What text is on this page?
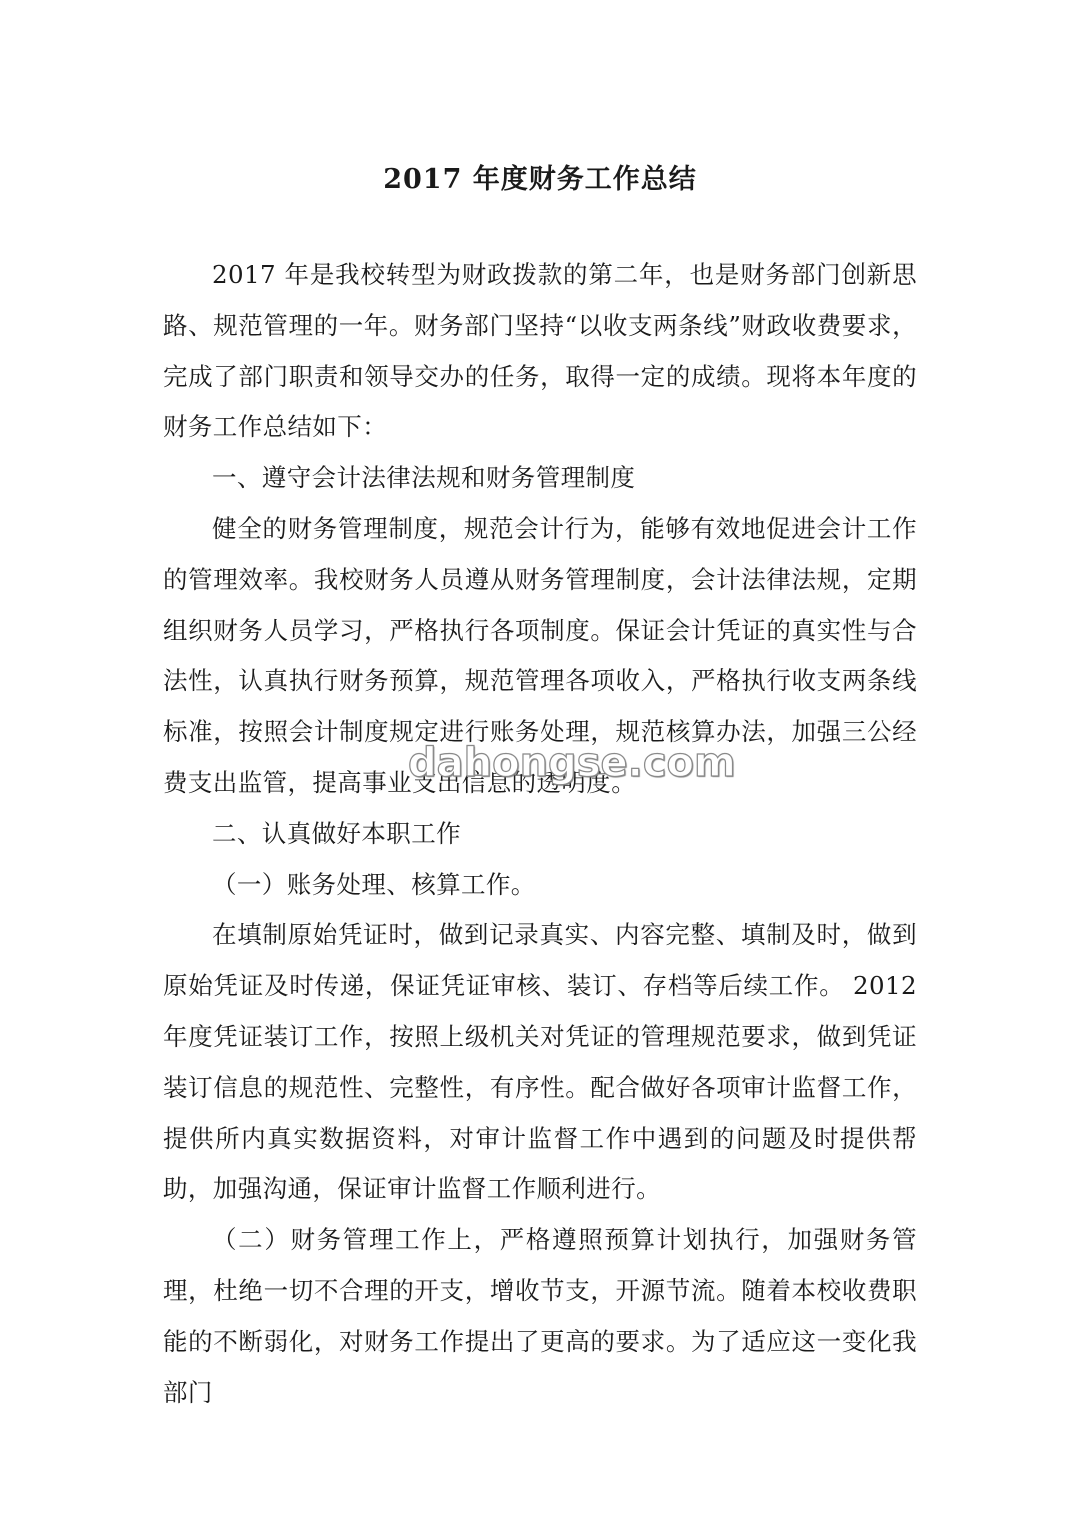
2017 年度财务工作总结

2017 年是我校转型为财政拨款的第二年，也是财务部门创新思路、规范管理的一年。财务部门坚持“以收支两条线”财政收费要求，完成了部门职责和领导交办的任务，取得一定的成绩。现将本年度的财务工作总结如下：

一、遵守会计法律法规和财务管理制度

健全的财务管理制度，规范会计行为，能够有效地促进会计工作的管理效率。我校财务人员遵从财务管理制度，会计法律法规，定期组织财务人员学习，严格执行各项制度。保证会计凭证的真实性与合法性，认真执行财务预算，规范管理各项收入，严格执行收支两条线标准，按照会计制度规定进行账务处理，规范核算办法，加强三公经费支出监管，提高事业支出信息的透明度。

二、认真做好本职工作

（一）账务处理、核算工作。

在填制原始凭证时，做到记录真实、内容完整、填制及时，做到原始凭证及时传递，保证凭证审核、装订、存档等后续工作。 2012 年度凭证装订工作，按照上级机关对凭证的管理规范要求，做到凭证装订信息的规范性、完整性，有序性。配合做好各项审计监督工作，提供所内真实数据资料，对审计监督工作中遇到的问题及时提供帮助，加强沟通，保证审计监督工作顺利进行。

（二）财务管理工作上，严格遵照预算计划执行，加强财务管理，杜绝一切不合理的开支，增收节支，开源节流。随着本校收费职能的不断弱化，对财务工作提出了更高的要求。为了适应这一变化我部门

dahongse.com
